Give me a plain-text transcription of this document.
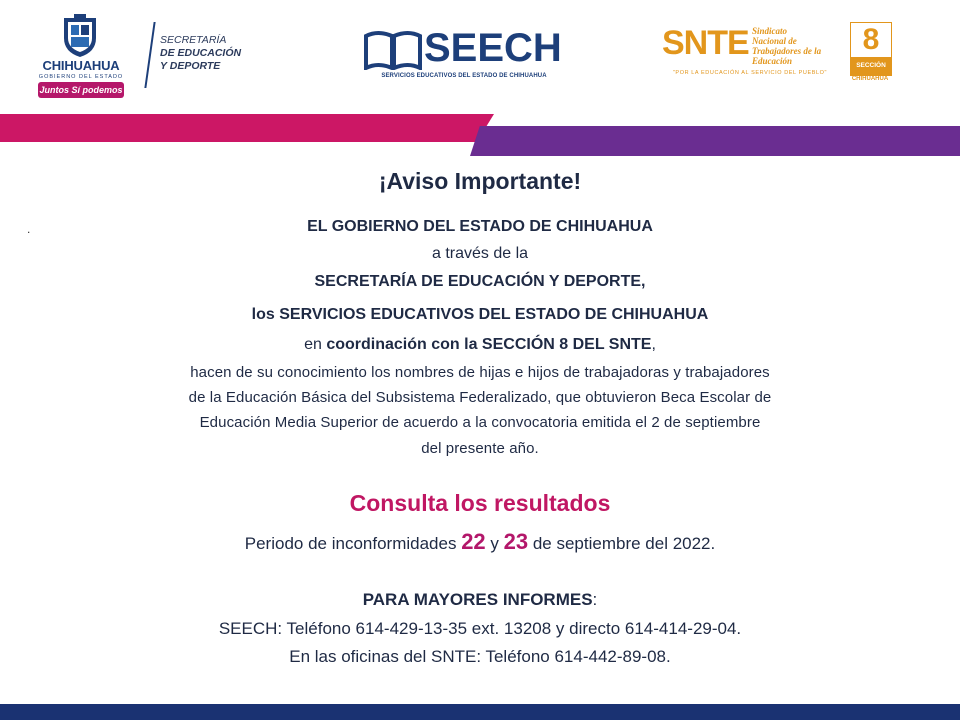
CHIHUAHUA
GOBIERNO DEL ESTADO
Juntos Sí podemos
SECRETARÍA
DE EDUCACIÓN
Y DEPORTE	SEECH
SERVICIOS EDUCATIVOS DEL ESTADO DE CHIHUAHUA
SNTE Sindicato
Nacional de
Trabajadores de la
Educación
"POR LA EDUCACIÓN AL SERVICIO DEL PUEBLO"
8
SECCIÓN
CHIHUAHUA
.
¡Aviso Importante!
EL GOBIERNO DEL ESTADO DE CHIHUAHUA
a través de la
SECRETARÍA DE EDUCACIÓN Y DEPORTE,
los SERVICIOS EDUCATIVOS DEL ESTADO DE CHIHUAHUA
en coordinación con la SECCIÓN 8 DEL SNTE,
hacen de su conocimiento los nombres de hijas e hijos de trabajadoras y trabajadores
de la Educación Básica del Subsistema Federalizado, que obtuvieron Beca Escolar de
Educación Media Superior de acuerdo a la convocatoria emitida el 2 de septiembre
del presente año.
Consulta los resultados
Periodo de inconformidades 22 y 23 de septiembre del 2022.
PARA MAYORES INFORMES:
SEECH: Teléfono 614-429-13-35 ext. 13208 y directo 614-414-29-04.
En las oficinas del SNTE: Teléfono 614-442-89-08.
